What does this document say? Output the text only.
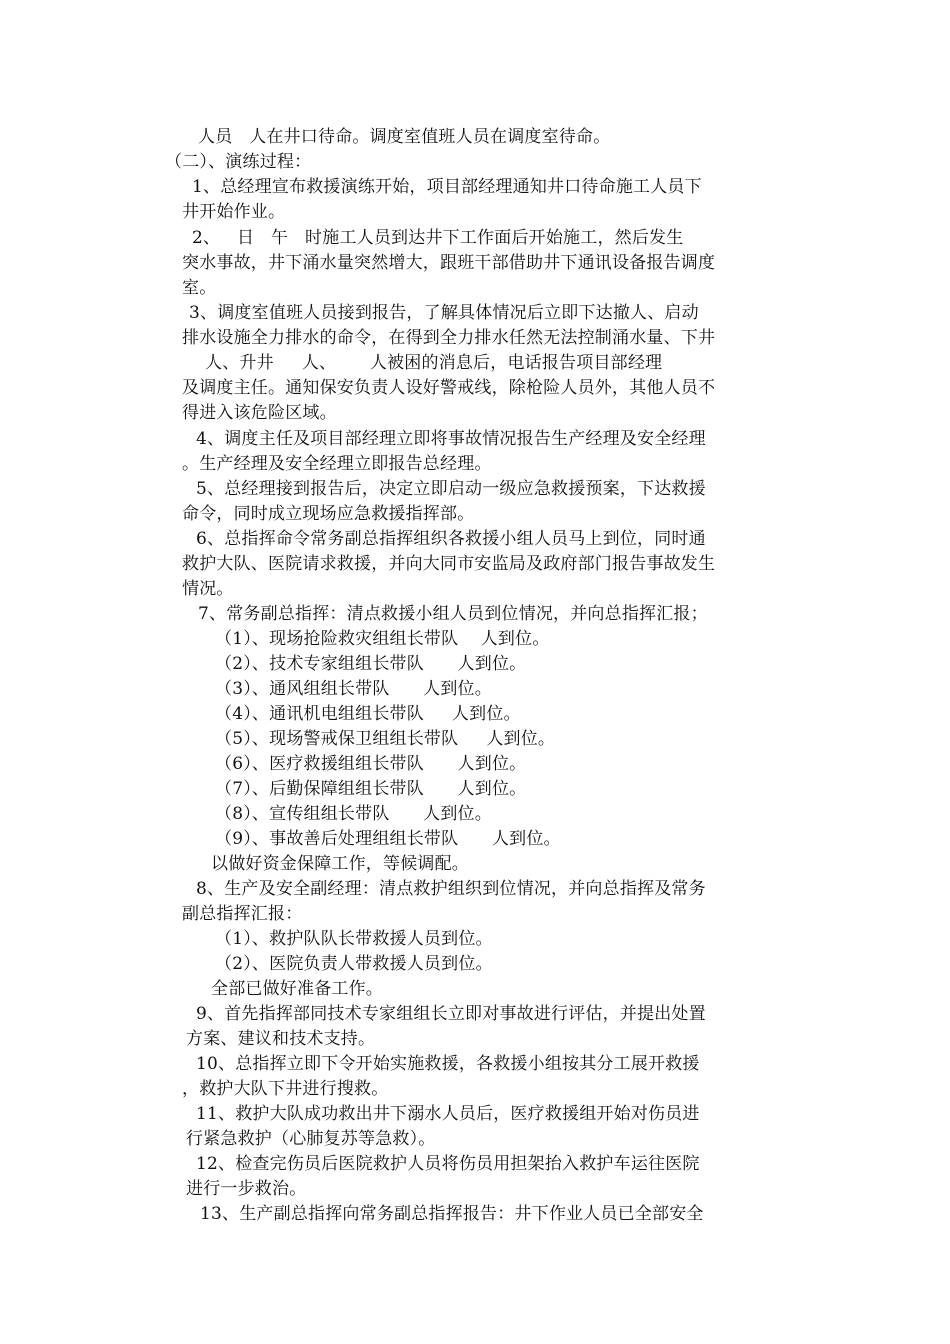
人员   人在井口待命。调度室值班人员在调度室待命。
（二）、演练过程：
1、总经理宣布救援演练开始，项目部经理通知井口待命施工人员下
井开始作业。
2、   日   午   时施工人员到达井下工作面后开始施工，然后发生
突水事故，井下涌水量突然增大，跟班干部借助井下通讯设备报告调度
室。
3、调度室值班人员接到报告，了解具体情况后立即下达撤人、启动
排水设施全力排水的命令，在得到全力排水任然无法控制涌水量、下井
人、升井     人、      人被困的消息后，电话报告项目部经理
及调度主任。通知保安负责人设好警戒线，除枪险人员外，其他人员不
得进入该危险区域。
4、调度主任及项目部经理立即将事故情况报告生产经理及安全经理
。生产经理及安全经理立即报告总经理。
5、总经理接到报告后，决定立即启动一级应急救援预案，下达救援
命令，同时成立现场应急救援指挥部。
6、总指挥命令常务副总指挥组织各救援小组人员马上到位，同时通
救护大队、医院请求救援，并向大同市安监局及政府部门报告事故发生
情况。
7、常务副总指挥：清点救援小组人员到位情况，并向总指挥汇报；
（1）、现场抢险救灾组组长带队    人到位。
（2）、技术专家组组长带队      人到位。
（3）、通风组组长带队      人到位。
（4）、通讯机电组组长带队     人到位。
（5）、现场警戒保卫组组长带队     人到位。
（6）、医疗救援组组长带队      人到位。
（7）、后勤保障组组长带队      人到位。
（8）、宣传组组长带队      人到位。
（9）、事故善后处理组组长带队      人到位。
以做好资金保障工作，等候调配。
8、生产及安全副经理：清点救护组织到位情况，并向总指挥及常务
副总指挥汇报：
（1）、救护队队长带救援人员到位。
（2）、医院负责人带救援人员到位。
全部已做好准备工作。
9、首先指挥部同技术专家组组长立即对事故进行评估，并提出处置
方案、建议和技术支持。
10、总指挥立即下令开始实施救援，各救援小组按其分工展开救援
，救护大队下井进行搜救。
11、救护大队成功救出井下溺水人员后，医疗救援组开始对伤员进
行紧急救护（心肺复苏等急救）。
12、检查完伤员后医院救护人员将伤员用担架抬入救护车运往医院
进行一步救治。
13、生产副总指挥向常务副总指挥报告：井下作业人员已全部安全
